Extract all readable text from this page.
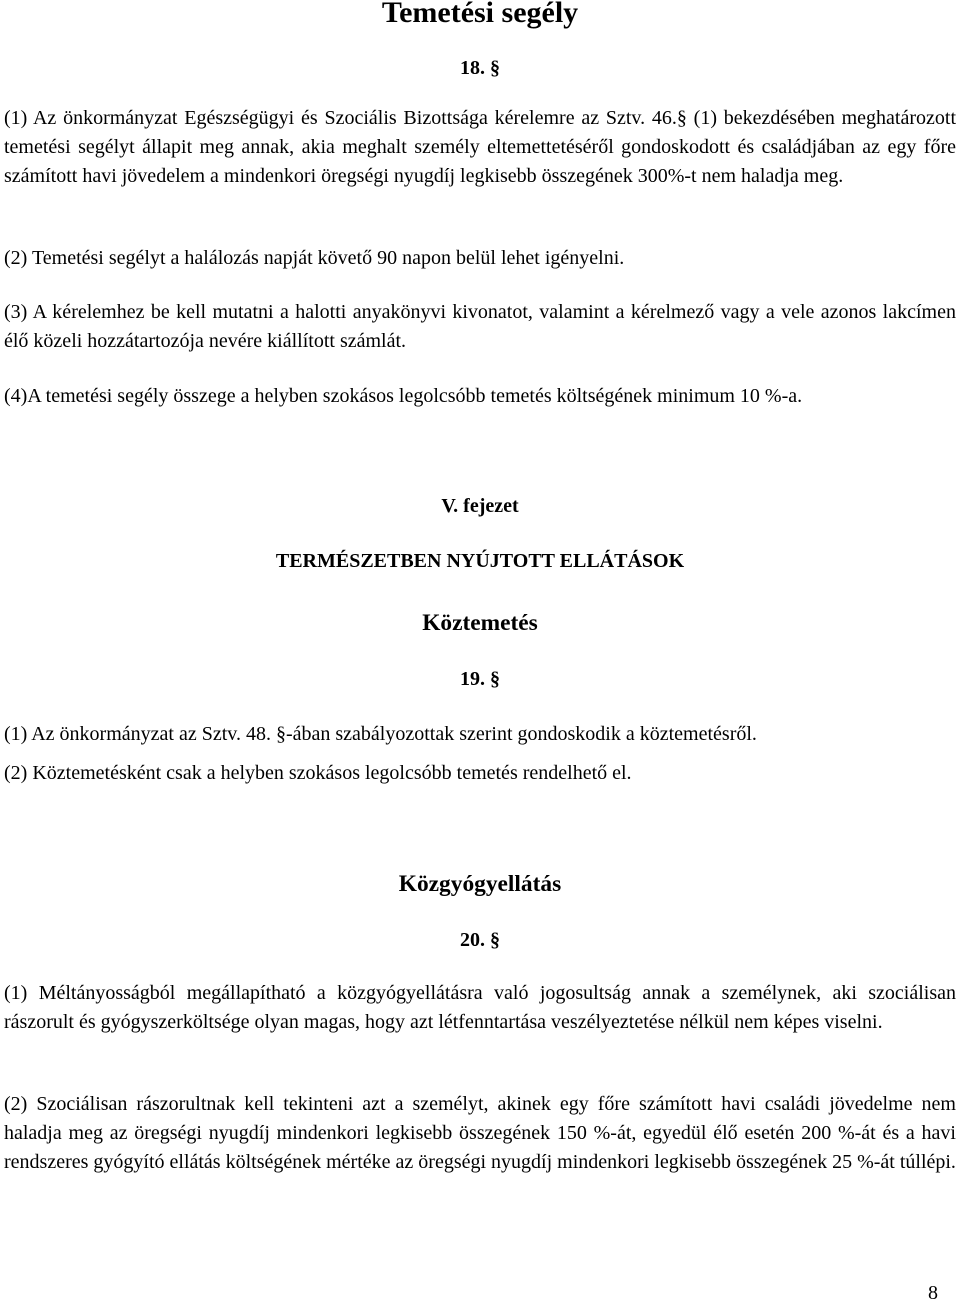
Temetési segély
18. §

(1) Az önkormányzat Egészségügyi és Szociális Bizottsága kérelemre az Sztv. 46.§ (1) bekezdésében meghatározott temetési segélyt állapit meg annak, akia meghalt személy eltemettetéséről gondoskodott és családjában az egy főre számított havi jövedelem a mindenkori öregségi nyugdíj legkisebb összegének 300%-t nem haladja meg.

(2) Temetési segélyt a halálozás napját követő 90 napon belül lehet igényelni.

(3) A kérelemhez be kell mutatni a halotti anyakönyvi kivonatot, valamint a kérelmező vagy a vele azonos lakcímen élő közeli hozzátartozója nevére kiállított számlát.

(4)A temetési segély összege a helyben szokásos legolcsóbb temetés költségének minimum 10 %-a.

V. fejezet
TERMÉSZETBEN NYÚJTOTT ELLÁTÁSOK
Köztemetés
19. §

(1) Az önkormányzat az Sztv. 48. §-ában szabályozottak szerint gondoskodik a köztemetésről.

(2) Köztemetésként csak a helyben szokásos legolcsóbb temetés rendelhető el.

Közgyógyellátás
20. §

(1) Méltányosságból megállapítható a közgyógyellátásra való jogosultság annak a személynek, aki szociálisan rászorult és gyógyszerköltsége olyan magas, hogy azt létfenntartása veszélyeztetése nélkül nem képes viselni.

(2) Szociálisan rászorultnak kell tekinteni azt a személyt, akinek egy főre számított havi családi jövedelme nem haladja meg az öregségi nyugdíj mindenkori legkisebb összegének 150 %-át, egyedül élő esetén 200 %-át és a havi rendszeres gyógyító ellátás költségének mértéke az öregségi nyugdíj mindenkori legkisebb összegének 25 %-át túllépi.

8
